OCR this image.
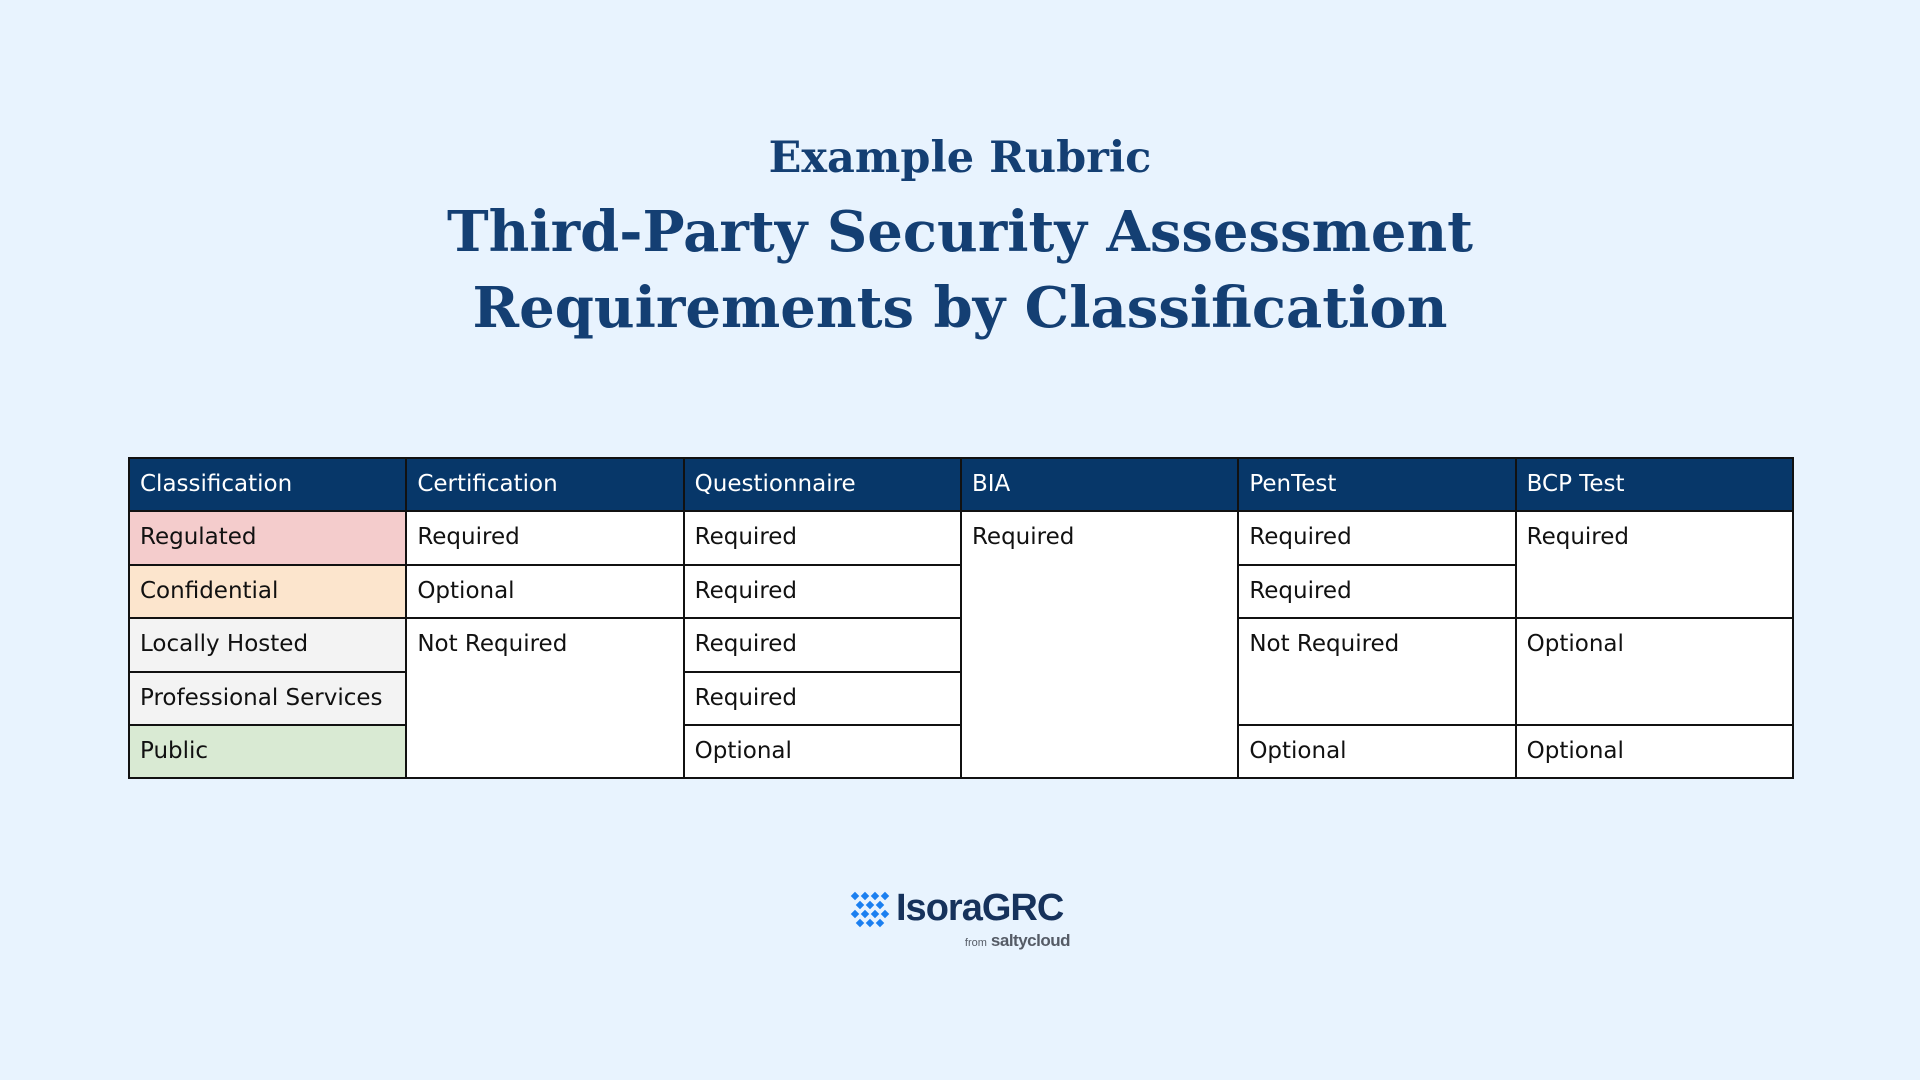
Example Rubric
Third-Party Security Assessment
Requirements by Classification
Classification	Certification	Questionnaire	BIA	PenTest	BCP Test
Regulated	Required	Required	Required	Required	Required
Confidential	Optional	Required		Required	
Locally Hosted	Not Required	Required		Not Required	Optional
Professional Services		Required			
Public		Optional		Optional	Optional
IsoraGRC
from saltycloud
